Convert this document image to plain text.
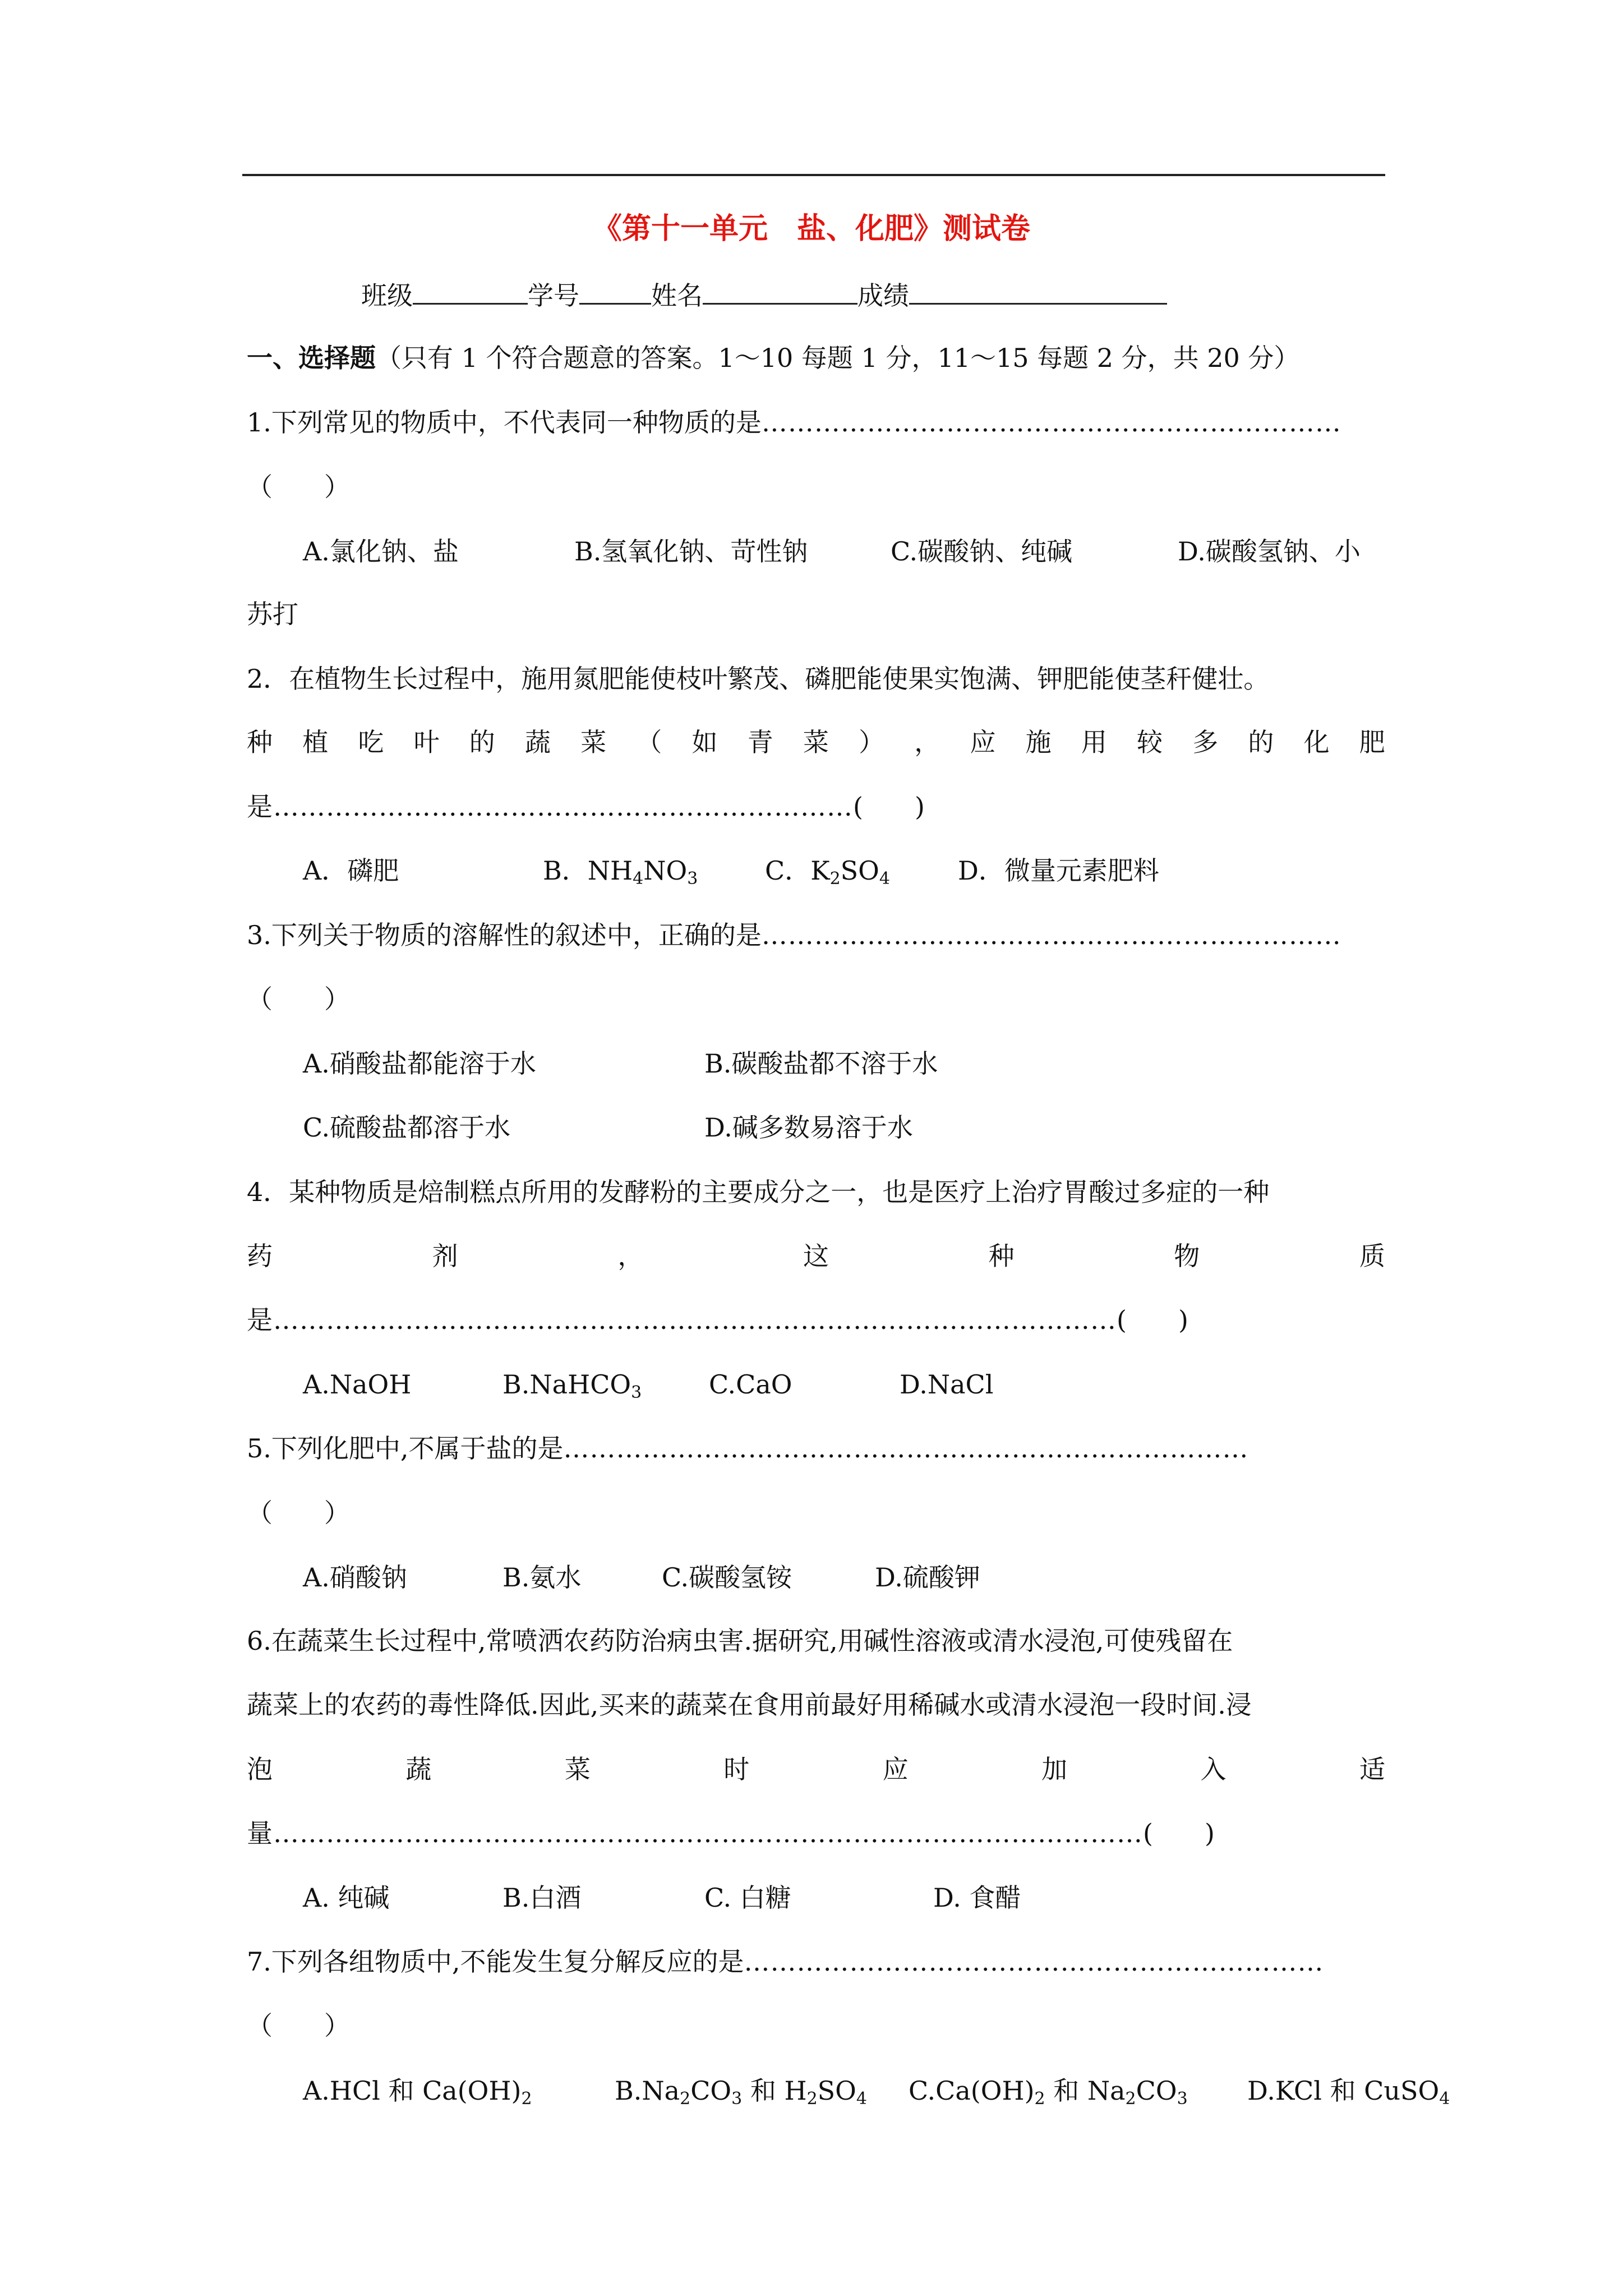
《第十一单元　盐、化肥》测试卷
班级	学号	姓名	成绩
一、选择题（只有 1 个符合题意的答案。1～10 每题 1 分，11～15 每题 2 分，共 20 分）
1.下列常见的物质中，不代表同一种物质的是…………………………………………………………
（　　）
A.氯化钠、盐	B.氢氧化钠、苛性钠	C.碳酸钠、纯碱	D.碳酸氢钠、小
苏打
2．在植物生长过程中，施用氮肥能使枝叶繁茂、磷肥能使果实饱满、钾肥能使茎秆健壮。
种 植 吃 叶 的 蔬 菜 （ 如 青 菜 ） ， 应 施 用 较 多 的 化 肥
是…………………………………………………………(　　)
A．磷肥	B．$NH_4NO_3$	C．$K_2SO_4$	D．微量元素肥料
3.下列关于物质的溶解性的叙述中，正确的是…………………………………………………………
（　　）
A.硝酸盐都能溶于水	B.碳酸盐都不溶于水
C.硫酸盐都溶于水	D.碱多数易溶于水
4．某种物质是焙制糕点所用的发酵粉的主要成分之一，也是医疗上治疗胃酸过多症的一种
药	剂	，	这	种	物	质
是……………………………………………………………………………………(　　)
A.NaOH	B.NaHCO$_3$	C.CaO	D.NaCl
5.下列化肥中,不属于盐的是……………………………………………………………………
（　　）
A.硝酸钠	B.氨水	C.碳酸氢铵	D.硫酸钾
6.在蔬菜生长过程中,常喷洒农药防治病虫害.据研究,用碱性溶液或清水浸泡,可使残留在
蔬菜上的农药的毒性降低.因此,买来的蔬菜在食用前最好用稀碱水或清水浸泡一段时间.浸
泡	蔬	菜	时	应	加	入	适
量………………………………………………………………………………………(　　)
A. 纯碱	B.白酒	C. 白糖	D. 食醋
7.下列各组物质中,不能发生复分解反应的是…………………………………………………………
（　　）
A.HCl 和 $Ca(OH)_2$	$B.Na_2CO_3$ 和 $H_2SO_4$ $C.Ca(OH)_2$ 和 $Na_2CO_3$ D.KCl 和 CuSO$_4$
